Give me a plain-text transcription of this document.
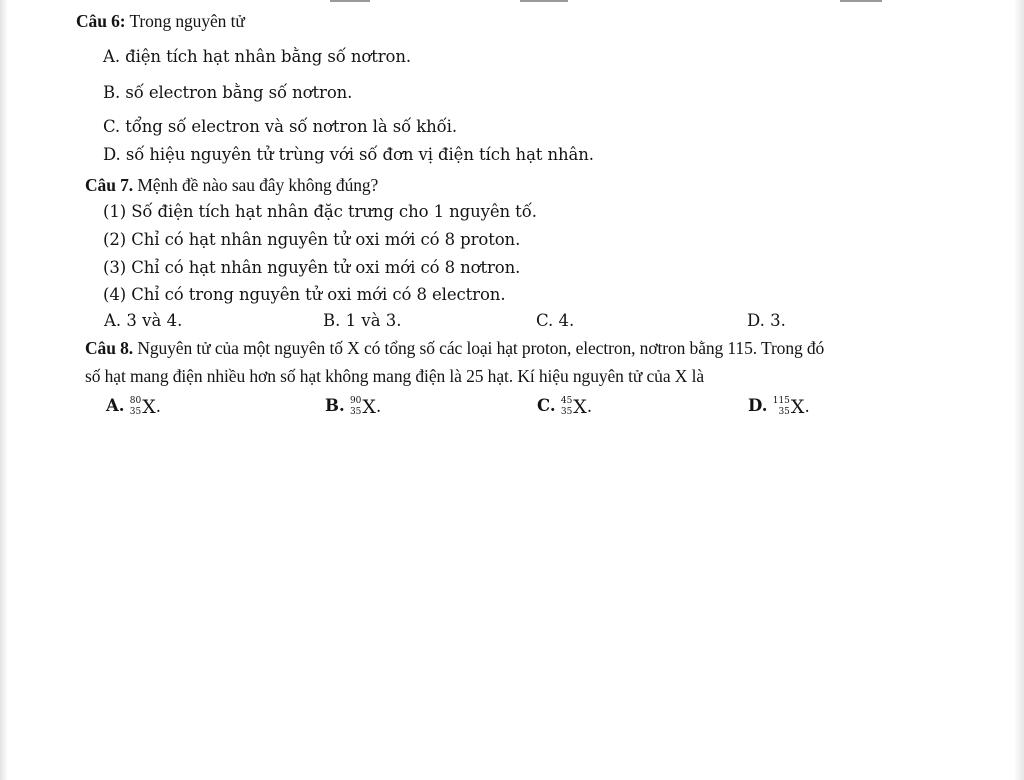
Câu 6: Trong nguyên tử
A. điện tích hạt nhân bằng số nơtron.
B. số electron bằng số nơtron.
C. tổng số electron và số nơtron là số khối.
D. số hiệu nguyên tử trùng với số đơn vị điện tích hạt nhân.
Câu 7. Mệnh đề nào sau đây không đúng?
(1) Số điện tích hạt nhân đặc trưng cho 1 nguyên tố.
(2) Chỉ có hạt nhân nguyên tử oxi mới có 8 proton.
(3) Chỉ có hạt nhân nguyên tử oxi mới có 8 nơtron.
(4) Chỉ có trong nguyên tử oxi mới có 8 electron.
A. 3 và 4.	B. 1 và 3.	C. 4.	D. 3.
Câu 8. Nguyên tử của một nguyên tố X có tổng số các loại hạt proton, electron, nơtron bằng 115. Trong đó
số hạt mang điện nhiều hơn số hạt không mang điện là 25 hạt. Kí hiệu nguyên tử của X là
A. 80
35 X.	B. 90
35 X.	C. 45
35 X.	D. 115
35 X.
